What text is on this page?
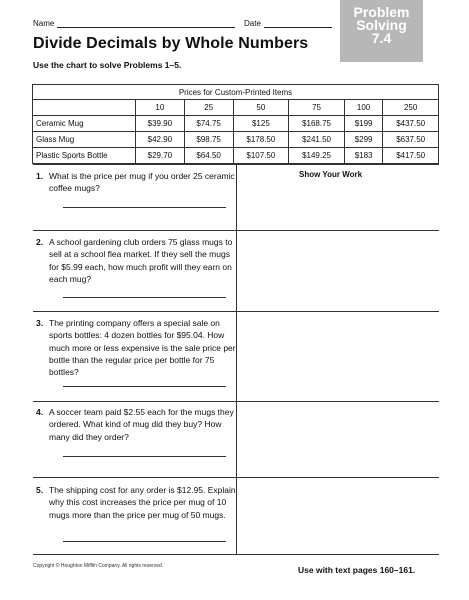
Name	Date
Problem
Solving
7.4
Divide Decimals by Whole Numbers
Use the chart to solve Problems 1–5.
Prices for Custom-Printed Items						
	10	25	50	75	100	250
Ceramic Mug	$39.90	$74.75	$125	$168.75	$199	$437.50
Glass Mug	$42.90	$98.75	$178.50	$241.50	$299	$637.50
Plastic Sports Bottle	$29.70	$64.50	$107.50	$149.25	$183	$417.50
Show Your Work
1. What is the price per mug if you order 25 ceramic coffee mugs?
2. A school gardening club orders 75 glass mugs to sell at a school flea market. If they sell the mugs for $5.99 each, how much profit will they earn on each mug?
3. The printing company offers a special sale on sports bottles: 4 dozen bottles for $95.04. How much more or less expensive is the sale price per bottle than the regular price per bottle for 75 bottles?
4. A soccer team paid $2.55 each for the mugs they ordered. What kind of mug did they buy? How many did they order?
5. The shipping cost for any order is $12.95. Explain why this cost increases the price per mug of 10 mugs more than the price per mug of 50 mugs.
Copyright © Houghton Mifflin Company. All rights reserved.	Use with text pages 160–161.
